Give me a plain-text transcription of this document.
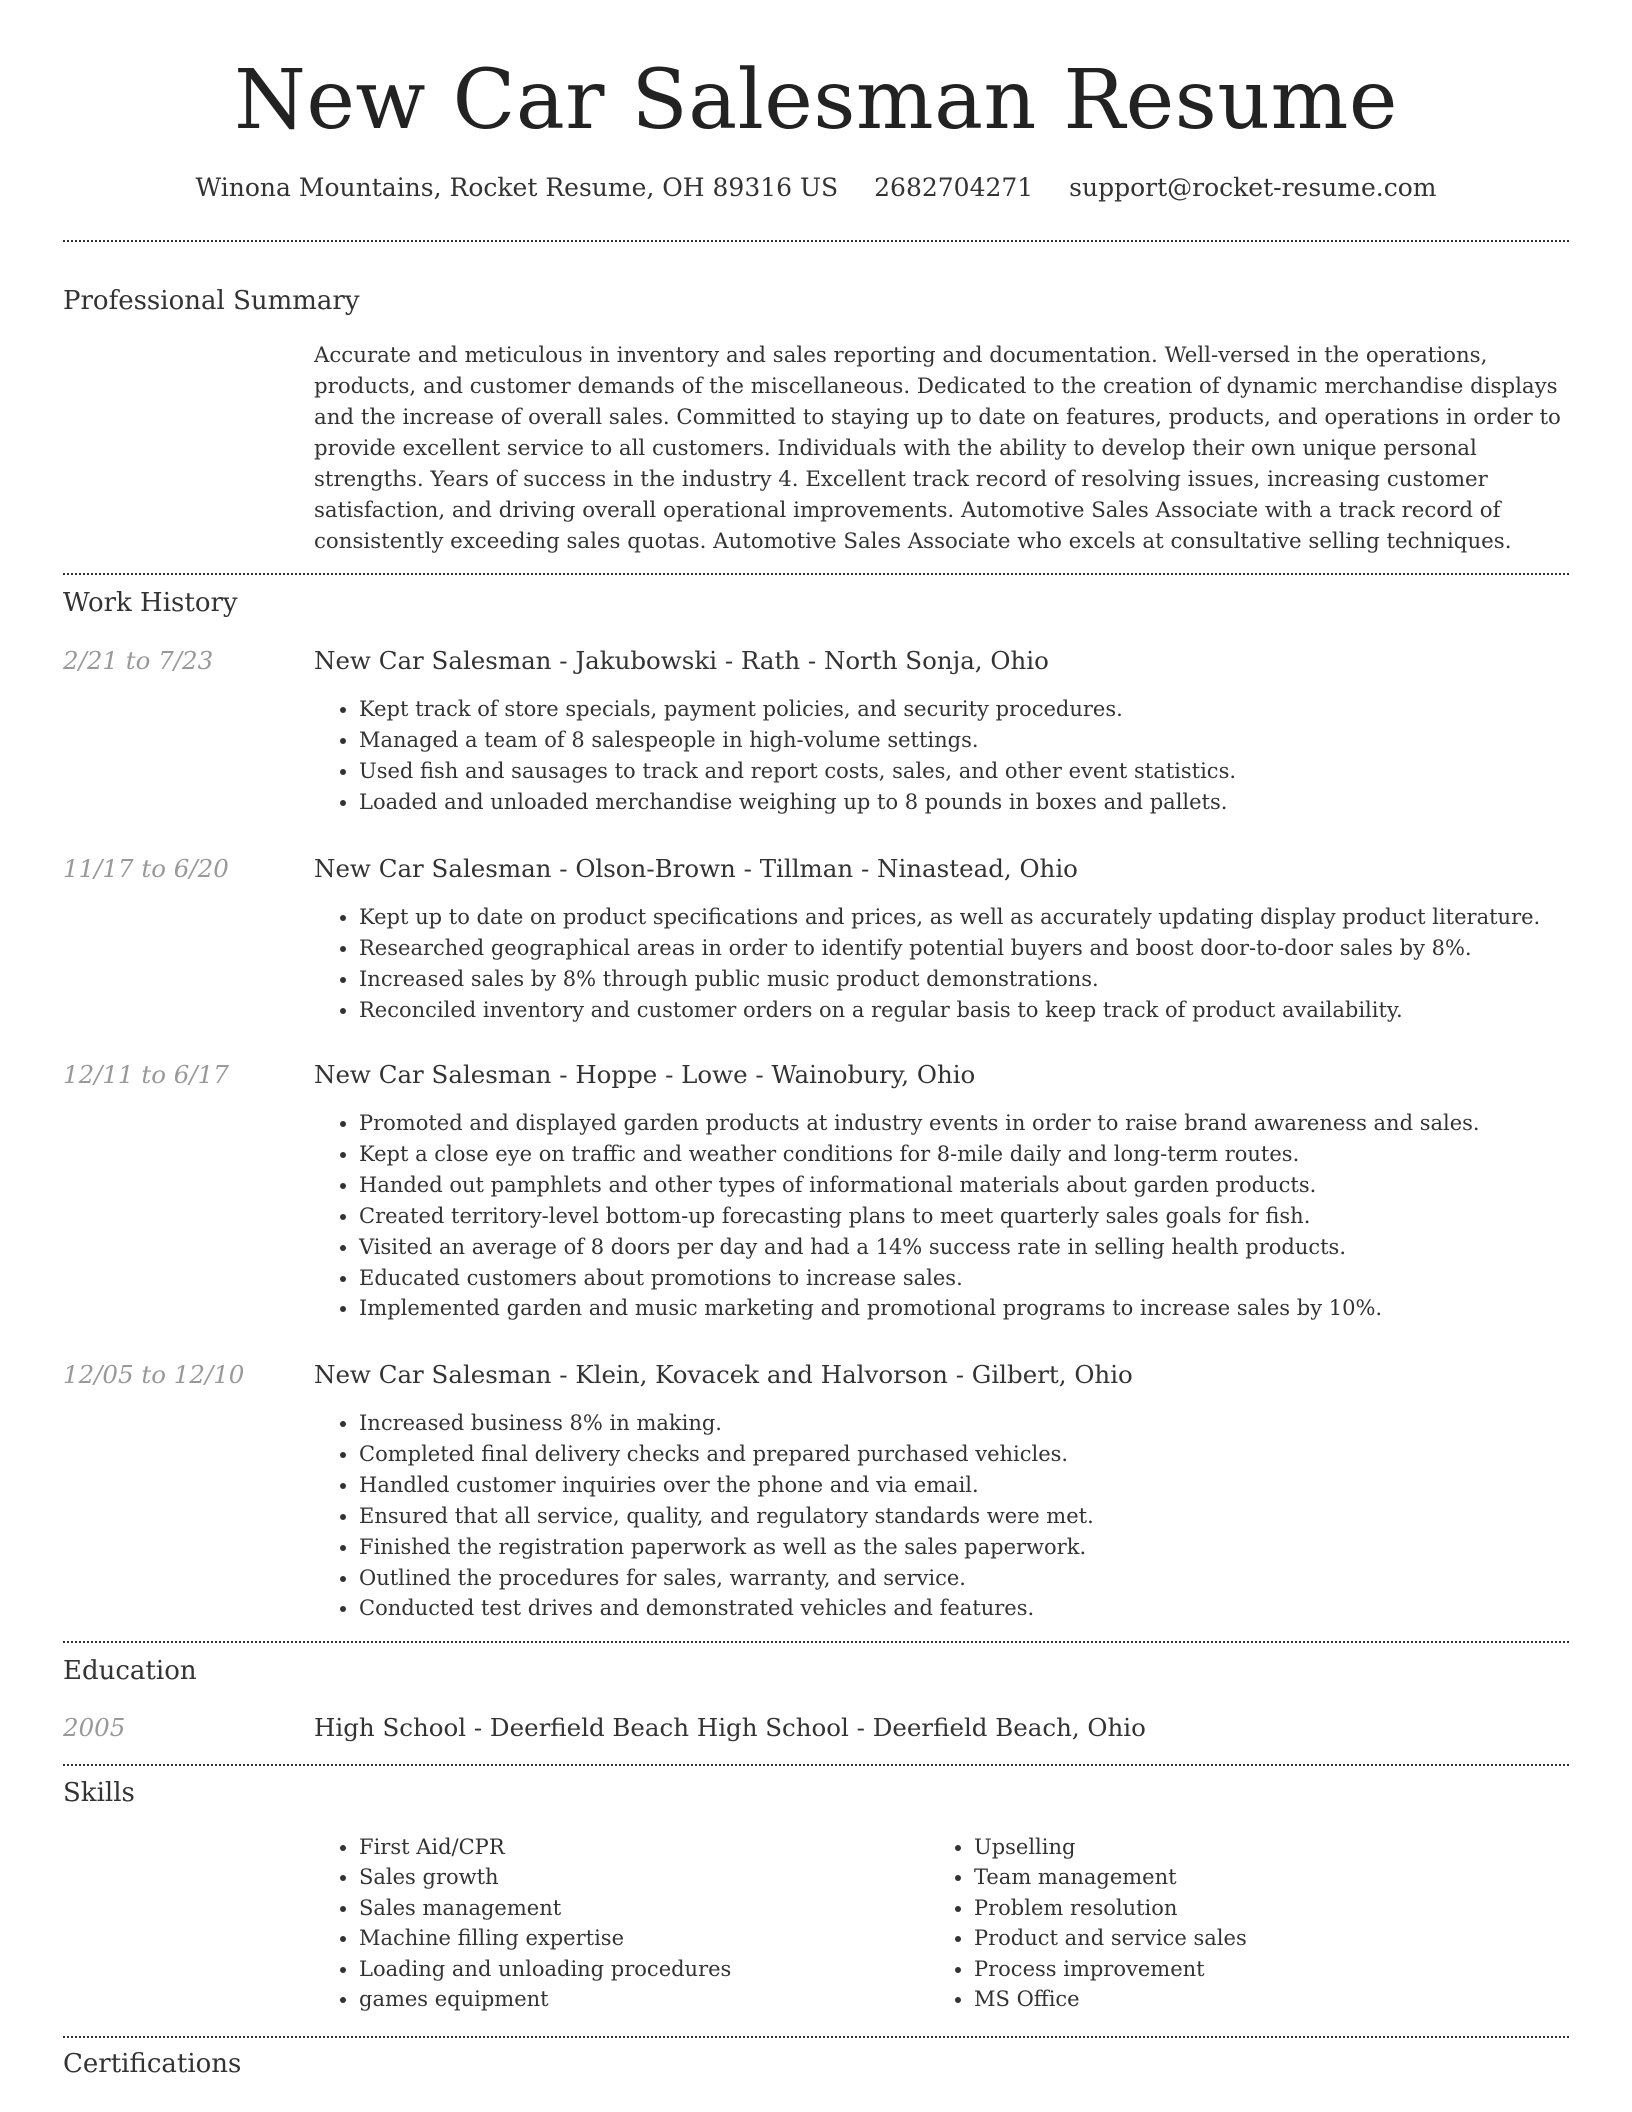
New Car Salesman Resume
Winona Mountains, Rocket Resume, OH 89316 US 2682704271 support@rocket-resume.com
Professional Summary
Accurate and meticulous in inventory and sales reporting and documentation. Well-versed in the operations, products, and customer demands of the miscellaneous. Dedicated to the creation of dynamic merchandise displays and the increase of overall sales. Committed to staying up to date on features, products, and operations in order to provide excellent service to all customers. Individuals with the ability to develop their own unique personal strengths. Years of success in the industry 4. Excellent track record of resolving issues, increasing customer satisfaction, and driving overall operational improvements. Automotive Sales Associate with a track record of consistently exceeding sales quotas. Automotive Sales Associate who excels at consultative selling techniques.
Work History
2/21 to 7/23	New Car Salesman - Jakubowski - Rath - North Sonja, Ohio
• Kept track of store specials, payment policies, and security procedures.
• Managed a team of 8 salespeople in high-volume settings.
• Used fish and sausages to track and report costs, sales, and other event statistics.
• Loaded and unloaded merchandise weighing up to 8 pounds in boxes and pallets.
11/17 to 6/20	New Car Salesman - Olson-Brown - Tillman - Ninastead, Ohio
• Kept up to date on product specifications and prices, as well as accurately updating display product literature.
• Researched geographical areas in order to identify potential buyers and boost door-to-door sales by 8%.
• Increased sales by 8% through public music product demonstrations.
• Reconciled inventory and customer orders on a regular basis to keep track of product availability.
12/11 to 6/17	New Car Salesman - Hoppe - Lowe - Wainobury, Ohio
• Promoted and displayed garden products at industry events in order to raise brand awareness and sales.
• Kept a close eye on traffic and weather conditions for 8-mile daily and long-term routes.
• Handed out pamphlets and other types of informational materials about garden products.
• Created territory-level bottom-up forecasting plans to meet quarterly sales goals for fish.
• Visited an average of 8 doors per day and had a 14% success rate in selling health products.
• Educated customers about promotions to increase sales.
• Implemented garden and music marketing and promotional programs to increase sales by 10%.
12/05 to 12/10	New Car Salesman - Klein, Kovacek and Halvorson - Gilbert, Ohio
• Increased business 8% in making.
• Completed final delivery checks and prepared purchased vehicles.
• Handled customer inquiries over the phone and via email.
• Ensured that all service, quality, and regulatory standards were met.
• Finished the registration paperwork as well as the sales paperwork.
• Outlined the procedures for sales, warranty, and service.
• Conducted test drives and demonstrated vehicles and features.
Education
2005	High School - Deerfield Beach High School - Deerfield Beach, Ohio
Skills
• First Aid/CPR
• Sales growth
• Sales management
• Machine filling expertise
• Loading and unloading procedures
• games equipment
• Upselling
• Team management
• Problem resolution
• Product and service sales
• Process improvement
• MS Office
Certifications
